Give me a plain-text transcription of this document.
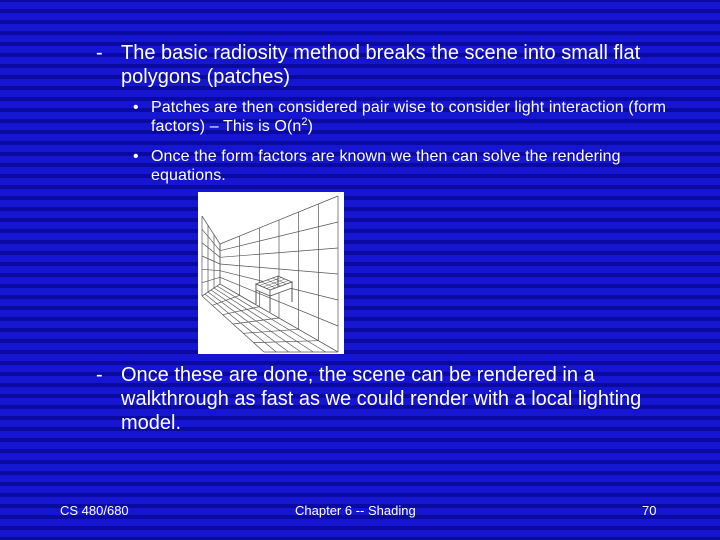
- The basic radiosity method breaks the scene into small flat polygons (patches)
• Patches are then considered pair wise to consider light interaction (form factors) – This is $O(n^2)$
• Once the form factors are known we then can solve the rendering equations.
- Once these are done, the scene can be rendered in a walkthrough as fast as we could render with a local lighting model.
CS 480/680	Chapter 6 -- Shading	70
